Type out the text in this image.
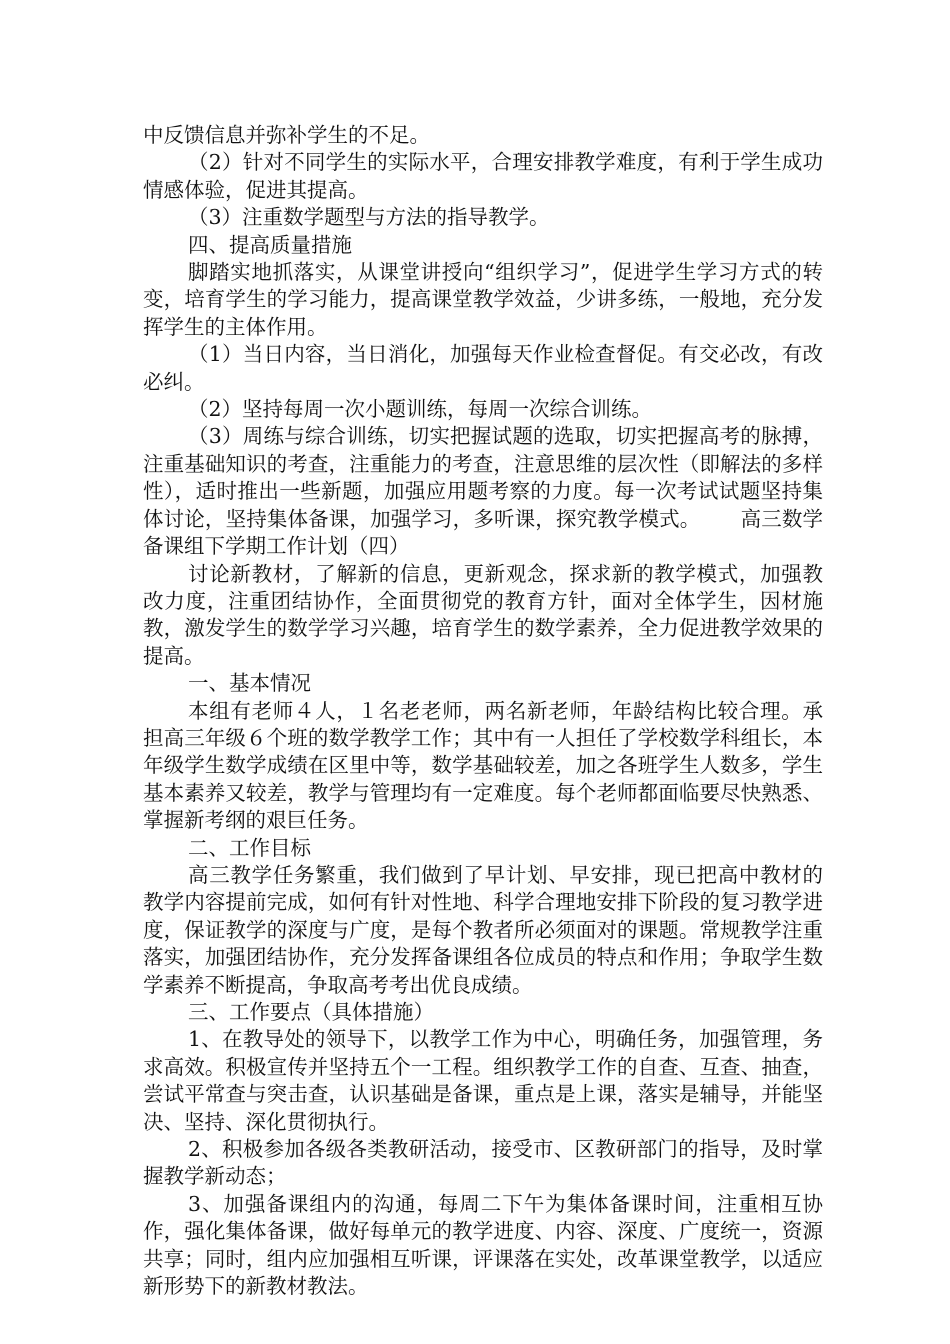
中反馈信息并弥补学生的不足。

（2）针对不同学生的实际水平，合理安排教学难度，有利于学生成功情感体验，促进其提高。

（3）注重数学题型与方法的指导教学。

四、提高质量措施

脚踏实地抓落实，从课堂讲授向“组织学习”，促进学生学习方式的转变，培育学生的学习能力，提高课堂教学效益，少讲多练，一般地，充分发挥学生的主体作用。

（1）当日内容，当日消化，加强每天作业检查督促。有交必改，有改必纠。

（2）坚持每周一次小题训练，每周一次综合训练。

（3）周练与综合训练，切实把握试题的选取，切实把握高考的脉搏，注重基础知识的考查，注重能力的考查，注意思维的层次性（即解法的多样性），适时推出一些新题，加强应用题考察的力度。每一次考试试题坚持集体讨论，坚持集体备课，加强学习，多听课，探究教学模式。 高三数学备课组下学期工作计划（四）

讨论新教材，了解新的信息，更新观念，探求新的教学模式，加强教改力度，注重团结协作，全面贯彻党的教育方针，面对全体学生，因材施教，激发学生的数学学习兴趣，培育学生的数学素养，全力促进教学效果的提高。

一、基本情况

本组有老师４人，１名老老师，两名新老师，年龄结构比较合理。承担高三年级６个班的数学教学工作；其中有一人担任了学校数学科组长，本年级学生数学成绩在区里中等，数学基础较差，加之各班学生人数多，学生基本素养又较差，教学与管理均有一定难度。每个老师都面临要尽快熟悉、掌握新考纲的艰巨任务。

二、工作目标

高三教学任务繁重，我们做到了早计划、早安排，现已把高中教材的教学内容提前完成，如何有针对性地、科学合理地安排下阶段的复习教学进度，保证教学的深度与广度，是每个教者所必须面对的课题。常规教学注重落实，加强团结协作，充分发挥备课组各位成员的特点和作用；争取学生数学素养不断提高，争取高考考出优良成绩。

三、工作要点（具体措施）

1、在教导处的领导下，以教学工作为中心，明确任务，加强管理，务求高效。积极宣传并坚持五个一工程。组织教学工作的自查、互查、抽查，尝试平常查与突击查，认识基础是备课，重点是上课，落实是辅导，并能坚决、坚持、深化贯彻执行。

2、积极参加各级各类教研活动，接受市、区教研部门的指导，及时掌握教学新动态；

3、加强备课组内的沟通，每周二下午为集体备课时间，注重相互协作，强化集体备课，做好每单元的教学进度、内容、深度、广度统一，资源共享；同时，组内应加强相互听课，评课落在实处，改革课堂教学，以适应新形势下的新教材教法。
